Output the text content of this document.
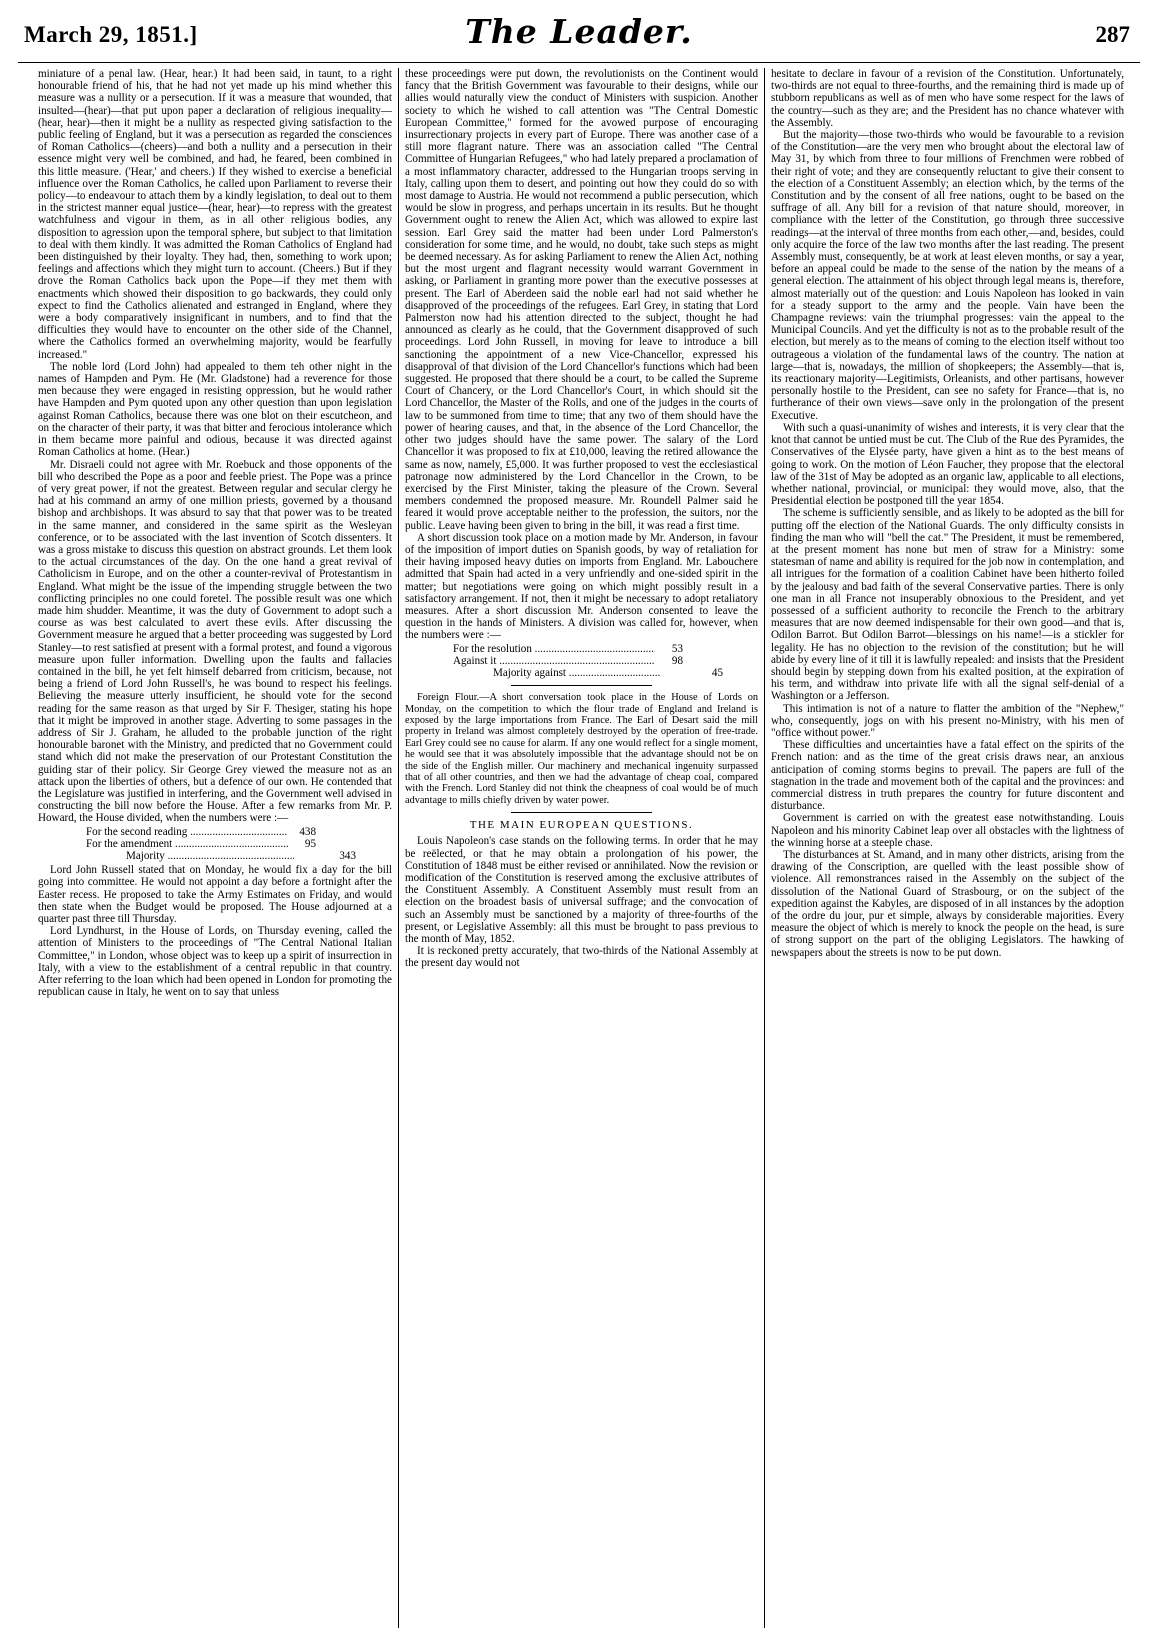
March 29, 1851.]	The Leader.	287

miniature of a penal law. (Hear, hear.) It had been said, in taunt, to a right honourable friend of his, that he had not yet made up his mind whether this measure was a nullity or a persecution. If it was a measure that wounded, that insulted—(hear)—that put upon paper a declaration of religious inequality—(hear, hear)—then it might be a nullity as respected giving satisfaction to the public feeling of England, but it was a persecution as regarded the consciences of Roman Catholics—(cheers)—and both a nullity and a persecution in their essence might very well be combined, and had, he feared, been combined in this little measure. ('Hear,' and cheers.) If they wished to exercise a beneficial influence over the Roman Catholics, he called upon Parliament to reverse their policy—to endeavour to attach them by a kindly legislation, to deal out to them in the strictest manner equal justice—(hear, hear)—to repress with the greatest watchfulness and vigour in them, as in all other religious bodies, any disposition to agression upon the temporal sphere, but subject to that limitation to deal with them kindly. It was admitted the Roman Catholics of England had been distinguished by their loyalty. They had, then, something to work upon; feelings and affections which they might turn to account. (Cheers.) But if they drove the Roman Catholics back upon the Pope—if they met them with enactments which showed their disposition to go backwards, they could only expect to find the Catholics alienated and estranged in England, where they were a body comparatively insignificant in numbers, and to find that the difficulties they would have to encounter on the other side of the Channel, where the Catholics formed an overwhelming majority, would be fearfully increased."

The noble lord (Lord John) had appealed to them teh other night in the names of Hampden and Pym. He (Mr. Gladstone) had a reverence for those men because they were engaged in resisting oppression, but he would rather have Hampden and Pym quoted upon any other question than upon legislation against Roman Catholics, because there was one blot on their escutcheon, and on the character of their party, it was that bitter and ferocious intolerance which in them became more painful and odious, because it was directed against Roman Catholics at home. (Hear.)

Mr. Disraeli could not agree with Mr. Roebuck and those opponents of the bill who described the Pope as a poor and feeble priest. The Pope was a prince of very great power, if not the greatest. Between regular and secular clergy he had at his command an army of one million priests, governed by a thousand bishop and archbishops. It was absurd to say that that power was to be treated in the same manner, and considered in the same spirit as the Wesleyan conference, or to be associated with the last invention of Scotch dissenters. It was a gross mistake to discuss this question on abstract grounds. Let them look to the actual circumstances of the day. On the one hand a great revival of Catholicism in Europe, and on the other a counter-revival of Protestantism in England. What might be the issue of the impending struggle between the two conflicting principles no one could foretel. The possible result was one which made him shudder. Meantime, it was the duty of Government to adopt such a course as was best calculated to avert these evils. After discussing the Government measure he argued that a better proceeding was suggested by Lord Stanley—to rest satisfied at present with a formal protest, and found a vigorous measure upon fuller information. Dwelling upon the faults and fallacies contained in the bill, he yet felt himself debarred from criticism, because, not being a friend of Lord John Russell's, he was bound to respect his feelings. Believing the measure utterly insufficient, he should vote for the second reading for the same reason as that urged by Sir F. Thesiger, stating his hope that it might be improved in another stage. Adverting to some passages in the address of Sir J. Graham, he alluded to the probable junction of the right honourable baronet with the Ministry, and predicted that no Government could stand which did not make the preservation of our Protestant Constitution the guiding star of their policy. Sir George Grey viewed the measure not as an attack upon the liberties of others, but a defence of our own. He contended that the Legislature was justified in interfering, and the Government well advised in constructing the bill now before the House. After a few remarks from Mr. P. Howard, the House divided, when the numbers were :—

For the second reading .....	438
For the amendment .....	95
Majority .....	343

Lord John Russell stated that on Monday, he would fix a day for the bill going into committee. He would not appoint a day before a fortnight after the Easter recess. He proposed to take the Army Estimates on Friday, and would then state when the Budget would be proposed. The House adjourned at a quarter past three till Thursday.

Lord Lyndhurst, in the House of Lords, on Thursday evening, called the attention of Ministers to the proceedings of "The Central National Italian Committee," in London, whose object was to keep up a spirit of insurrection in Italy, with a view to the establishment of a central republic in that country. After referring to the loan which had been opened in London for promoting the republican cause in Italy, he went on to say that unless

these proceedings were put down, the revolutionists on the Continent would fancy that the British Government was favourable to their designs, while our allies would naturally view the conduct of Ministers with suspicion. Another society to which he wished to call attention was "The Central Domestic European Committee," formed for the avowed purpose of encouraging insurrectionary projects in every part of Europe. There was another case of a still more flagrant nature. There was an association called "The Central Committee of Hungarian Refugees," who had lately prepared a proclamation of a most inflammatory character, addressed to the Hungarian troops serving in Italy, calling upon them to desert, and pointing out how they could do so with most damage to Austria. He would not recommend a public persecution, which would be slow in progress, and perhaps uncertain in its results. But he thought Government ought to renew the Alien Act, which was allowed to expire last session. Earl Grey said the matter had been under Lord Palmerston's consideration for some time, and he would, no doubt, take such steps as might be deemed necessary. As for asking Parliament to renew the Alien Act, nothing but the most urgent and flagrant necessity would warrant Government in asking, or Parliament in granting more power than the executive possesses at present. The Earl of Aberdeen said the noble earl had not said whether he disapproved of the proceedings of the refugees. Earl Grey, in stating that Lord Palmerston now had his attention directed to the subject, thought he had announced as clearly as he could, that the Government disapproved of such proceedings. Lord John Russell, in moving for leave to introduce a bill sanctioning the appointment of a new Vice-Chancellor, expressed his disapproval of that division of the Lord Chancellor's functions which had been suggested. He proposed that there should be a court, to be called the Supreme Court of Chancery, or the Lord Chancellor's Court, in which should sit the Lord Chancellor, the Master of the Rolls, and one of the judges in the courts of law to be summoned from time to time; that any two of them should have the power of hearing causes, and that, in the absence of the Lord Chancellor, the other two judges should have the same power. The salary of the Lord Chancellor it was proposed to fix at £10,000, leaving the retired allowance the same as now, namely, £5,000. It was further proposed to vest the ecclesiastical patronage now administered by the Lord Chancellor in the Crown, to be exercised by the First Minister, taking the pleasure of the Crown. Several members condemned the proposed measure. Mr. Roundell Palmer said he feared it would prove acceptable neither to the profession, the suitors, nor the public. Leave having been given to bring in the bill, it was read a first time.

A short discussion took place on a motion made by Mr. Anderson, in favour of the imposition of import duties on Spanish goods, by way of retaliation for their having imposed heavy duties on imports from England. Mr. Labouchere admitted that Spain had acted in a very unfriendly and one-sided spirit in the matter; but negotiations were going on which might possibly result in a satisfactory arrangement. If not, then it might be necessary to adopt retaliatory measures. After a short discussion Mr. Anderson consented to leave the question in the hands of Ministers. A division was called for, however, when the numbers were :—

For the resolution .....	53
Against it .....	98
Majority against .....	45

Foreign Flour.—A short conversation took place in the House of Lords on Monday, on the competition to which the flour trade of England and Ireland is exposed by the large importations from France. The Earl of Desart said the mill property in Ireland was almost completely destroyed by the operation of free-trade. Earl Grey could see no cause for alarm. If any one would reflect for a single moment, he would see that it was absolutely impossible that the advantage should not be on the side of the English miller. Our machinery and mechanical ingenuity surpassed that of all other countries, and then we had the advantage of cheap coal, compared with the French. Lord Stanley did not think the cheapness of coal would be of much advantage to mills chiefly driven by water power.

THE MAIN EUROPEAN QUESTIONS.

Louis Napoleon's case stands on the following terms. In order that he may be reëlected, or that he may obtain a prolongation of his power, the Constitution of 1848 must be either revised or annihilated. Now the revision or modification of the Constitution is reserved among the exclusive attributes of the Constituent Assembly. A Constituent Assembly must result from an election on the broadest basis of universal suffrage; and the convocation of such an Assembly must be sanctioned by a majority of three-fourths of the present, or Legislative Assembly: all this must be brought to pass previous to the month of May, 1852.

It is reckoned pretty accurately, that two-thirds of the National Assembly at the present day would not

hesitate to declare in favour of a revision of the Constitution. Unfortunately, two-thirds are not equal to three-fourths, and the remaining third is made up of stubborn republicans as well as of men who have some respect for the laws of the country—such as they are; and the President has no chance whatever with the Assembly.

But the majority—those two-thirds who would be favourable to a revision of the Constitution—are the very men who brought about the electoral law of May 31, by which from three to four millions of Frenchmen were robbed of their right of vote; and they are consequently reluctant to give their consent to the election of a Constituent Assembly; an election which, by the terms of the Constitution and by the consent of all free nations, ought to be based on the suffrage of all. Any bill for a revision of that nature should, moreover, in compliance with the letter of the Constitution, go through three successive readings—at the interval of three months from each other,—and, besides, could only acquire the force of the law two months after the last reading. The present Assembly must, consequently, be at work at least eleven months, or say a year, before an appeal could be made to the sense of the nation by the means of a general election. The attainment of his object through legal means is, therefore, almost materially out of the question: and Louis Napoleon has looked in vain for a steady support to the army and the people. Vain have been the Champagne reviews: vain the triumphal progresses: vain the appeal to the Municipal Councils. And yet the difficulty is not as to the probable result of the election, but merely as to the means of coming to the election itself without too outrageous a violation of the fundamental laws of the country. The nation at large—that is, nowadays, the million of shopkeepers; the Assembly—that is, its reactionary majority—Legitimists, Orleanists, and other partisans, however personally hostile to the President, can see no safety for France—that is, no furtherance of their own views—save only in the prolongation of the present Executive.

With such a quasi-unanimity of wishes and interests, it is very clear that the knot that cannot be untied must be cut. The Club of the Rue des Pyramides, the Conservatives of the Elysée party, have given a hint as to the best means of going to work. On the motion of Léon Faucher, they propose that the electoral law of the 31st of May be adopted as an organic law, applicable to all elections, whether national, provincial, or municipal: they would move, also, that the Presidential election be postponed till the year 1854.

The scheme is sufficiently sensible, and as likely to be adopted as the bill for putting off the election of the National Guards. The only difficulty consists in finding the man who will "bell the cat." The President, it must be remembered, at the present moment has none but men of straw for a Ministry: some statesman of name and ability is required for the job now in contemplation, and all intrigues for the formation of a coalition Cabinet have been hitherto foiled by the jealousy and bad faith of the several Conservative parties. There is only one man in all France not insuperably obnoxious to the President, and yet possessed of a sufficient authority to reconcile the French to the arbitrary measures that are now deemed indispensable for their own good—and that is, Odilon Barrot. But Odilon Barrot—blessings on his name!—is a stickler for legality. He has no objection to the revision of the constitution; but he will abide by every line of it till it is lawfully repealed: and insists that the President should begin by stepping down from his exalted position, at the expiration of his term, and withdraw into private life with all the signal self-denial of a Washington or a Jefferson.

This intimation is not of a nature to flatter the ambition of the "Nephew," who, consequently, jogs on with his present no-Ministry, with his men of "office without power."

These difficulties and uncertainties have a fatal effect on the spirits of the French nation: and as the time of the great crisis draws near, an anxious anticipation of coming storms begins to prevail. The papers are full of the stagnation in the trade and movement both of the capital and the provinces: and commercial distress in truth prepares the country for future discontent and disturbance.

Government is carried on with the greatest ease notwithstanding. Louis Napoleon and his minority Cabinet leap over all obstacles with the lightness of the winning horse at a steeple chase.

The disturbances at St. Amand, and in many other districts, arising from the drawing of the Conscription, are quelled with the least possible show of violence. All remonstrances raised in the Assembly on the subject of the dissolution of the National Guard of Strasbourg, or on the subject of the expedition against the Kabyles, are disposed of in all instances by the adoption of the ordre du jour, pur et simple, always by considerable majorities. Every measure the object of which is merely to knock the people on the head, is sure of strong support on the part of the obliging Legislators. The hawking of newspapers about the streets is now to be put down.
